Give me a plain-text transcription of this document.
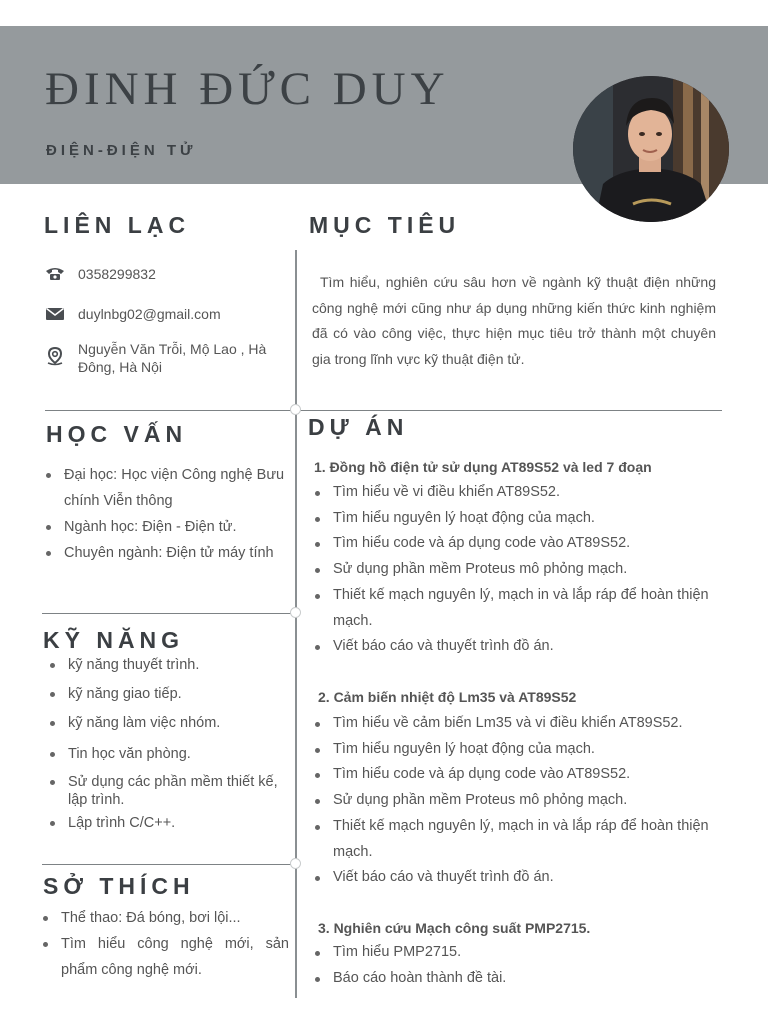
ĐINH ĐỨC DUY
ĐIỆN-ĐIỆN TỬ
LIÊN LẠC	MỤC TIÊU
HỌC VẤN	DỰ ÁN
KỸ NĂNG
SỞ THÍCH
0358299832
duylnbg02@gmail.com
Nguyễn Văn Trỗi, Mộ Lao , Hà Đông, Hà Nội

Tìm hiểu, nghiên cứu sâu hơn về ngành kỹ thuật điện những công nghệ mới cũng như áp dụng những kiến thức kinh nghiệm đã có vào công việc, thực hiện mục tiêu trở thành một chuyên gia trong lĩnh vực kỹ thuật điện tử.

Đại học: Học viện Công nghệ Bưu chính Viễn thông
Ngành học: Điện - Điện tử.
Chuyên ngành: Điện tử máy tính
kỹ năng thuyết trình.
kỹ năng giao tiếp.
kỹ năng làm việc nhóm.
Tin học văn phòng.
Sử dụng các phần mềm thiết kế, lập trình.
Lập trình C/C++.
Thể thao: Đá bóng, bơi lội...
Tìm hiểu công nghệ mới, sản phẩm công nghệ mới.
1. Đồng hồ điện tử sử dụng AT89S52 và led 7 đoạn
Tìm hiểu về vi điều khiển AT89S52.
Tìm hiểu nguyên lý hoạt động của mạch.
Tìm hiểu code và áp dụng code vào AT89S52.
Sử dụng phần mềm Proteus mô phỏng mạch.
Thiết kế mạch nguyên lý, mạch in và lắp ráp để hoàn thiện mạch.
Viết báo cáo và thuyết trình đồ án.
2. Cảm biến nhiệt độ Lm35 và AT89S52
Tìm hiểu về cảm biến Lm35 và vi điều khiển AT89S52.
Tìm hiểu nguyên lý hoạt động của mạch.
Tìm hiểu code và áp dụng code vào AT89S52.
Sử dụng phần mềm Proteus mô phỏng mạch.
Thiết kế mạch nguyên lý, mạch in và lắp ráp để hoàn thiện mạch.
Viết báo cáo và thuyết trình đồ án.
3. Nghiên cứu Mạch công suất PMP2715.
Tìm hiểu PMP2715.
Báo cáo hoàn thành đề tài.
